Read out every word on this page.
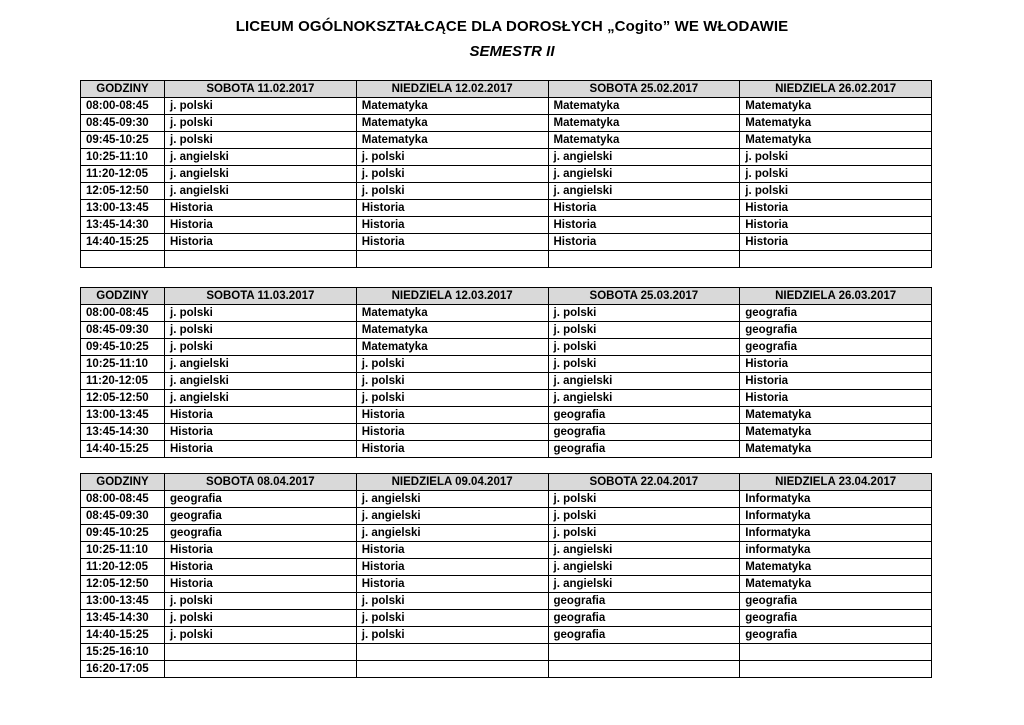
LICEUM OGÓLNOKSZTAŁCĄCE DLA DOROSŁYCH „Cogito” WE WŁODAWIE
SEMESTR II
GODZINY	SOBOTA 11.02.2017	NIEDZIELA 12.02.2017	SOBOTA 25.02.2017	NIEDZIELA 26.02.2017
08:00-08:45	j. polski	Matematyka	Matematyka	Matematyka
08:45-09:30	j. polski	Matematyka	Matematyka	Matematyka
09:45-10:25	j. polski	Matematyka	Matematyka	Matematyka
10:25-11:10	j. angielski	j. polski	j. angielski	j. polski
11:20-12:05	j. angielski	j. polski	j. angielski	j. polski
12:05-12:50	j. angielski	j. polski	j. angielski	j. polski
13:00-13:45	Historia	Historia	Historia	Historia
13:45-14:30	Historia	Historia	Historia	Historia
14:40-15:25	Historia	Historia	Historia	Historia

GODZINY	SOBOTA 11.03.2017	NIEDZIELA 12.03.2017	SOBOTA 25.03.2017	NIEDZIELA 26.03.2017
08:00-08:45	j. polski	Matematyka	j. polski	geografia
08:45-09:30	j. polski	Matematyka	j. polski	geografia
09:45-10:25	j. polski	Matematyka	j. polski	geografia
10:25-11:10	j. angielski	j. polski	j. polski	Historia
11:20-12:05	j. angielski	j. polski	j. angielski	Historia
12:05-12:50	j. angielski	j. polski	j. angielski	Historia
13:00-13:45	Historia	Historia	geografia	Matematyka
13:45-14:30	Historia	Historia	geografia	Matematyka
14:40-15:25	Historia	Historia	geografia	Matematyka
GODZINY	SOBOTA 08.04.2017	NIEDZIELA 09.04.2017	SOBOTA 22.04.2017	NIEDZIELA 23.04.2017
08:00-08:45	geografia	j. angielski	j. polski	Informatyka
08:45-09:30	geografia	j. angielski	j. polski	Informatyka
09:45-10:25	geografia	j. angielski	j. polski	Informatyka
10:25-11:10	Historia	Historia	j. angielski	informatyka
11:20-12:05	Historia	Historia	j. angielski	Matematyka
12:05-12:50	Historia	Historia	j. angielski	Matematyka
13:00-13:45	j. polski	j. polski	geografia	geografia
13:45-14:30	j. polski	j. polski	geografia	geografia
14:40-15:25	j. polski	j. polski	geografia	geografia
15:25-16:10				
16:20-17:05				
